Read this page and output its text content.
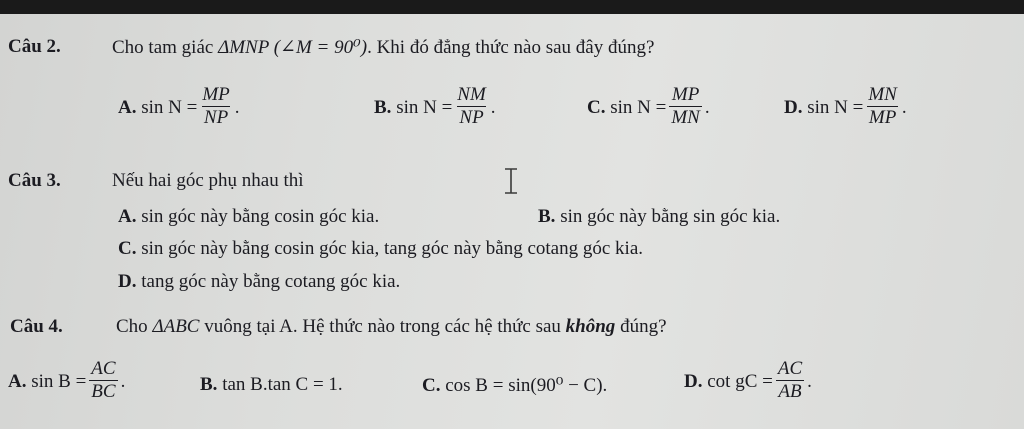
Câu 2.	Cho tam giác ΔMNP (∠M = 90⁰). Khi đó đẳng thức nào sau đây đúng?
A. $\sin N = \frac{MP}{NP}$ .	B. $\sin N = \frac{NM}{NP}$ .	C. $\sin N = \frac{MP}{MN}$ .	D. $\sin N = \frac{MN}{MP}$ .
Câu 3.	Nếu hai góc phụ nhau thì
A. sin góc này bằng cosin góc kia.	B. sin góc này bằng sin góc kia.
C. sin góc này bằng cosin góc kia, tang góc này bằng cotang góc kia.
D. tang góc này bằng cotang góc kia.
Câu 4.	Cho ΔABC vuông tại A. Hệ thức nào trong các hệ thức sau không đúng?
A. $\sin B = \frac{AC}{BC}$ .	B. tan B.tan C = 1.	C. cos B = sin(90⁰ − C).	D. cot gC = $\frac{AC}{AB}$ .
